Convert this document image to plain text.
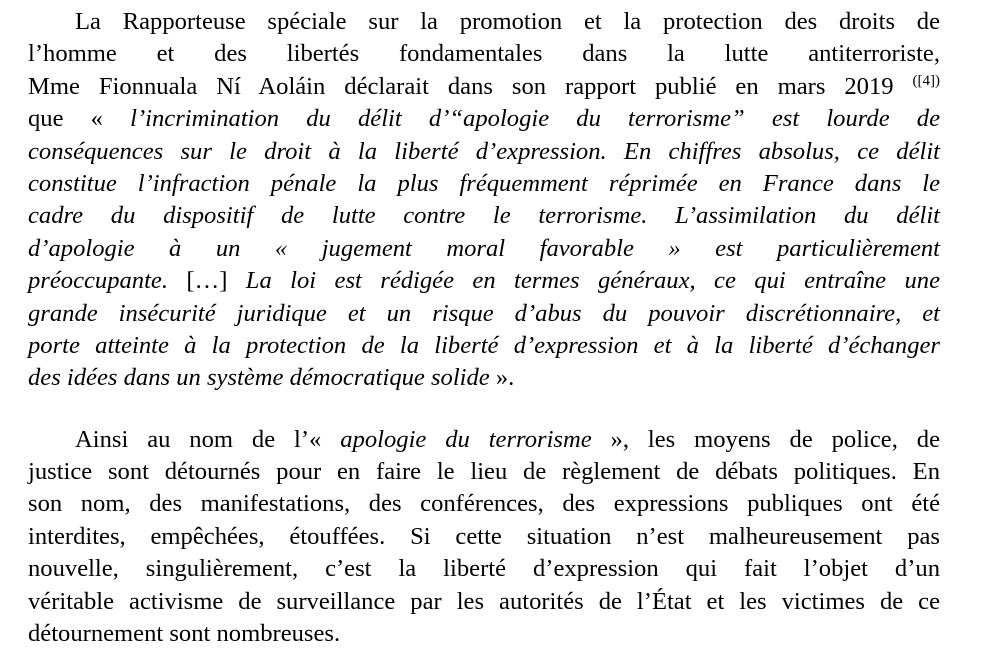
La Rapporteuse spéciale sur la promotion et la protection des droits de
l’homme et des libertés fondamentales dans la lutte antiterroriste,
Mme Fionnuala Ní Aoláin déclarait dans son rapport publié en mars 2019 $^{([4])}$
que « l’incrimination du délit d’“apologie du terrorisme” est lourde de
conséquences sur le droit à la liberté d’expression. En chiffres absolus, ce délit
constitue l’infraction pénale la plus fréquemment réprimée en France dans le
cadre du dispositif de lutte contre le terrorisme. L’assimilation du délit
d’apologie à un « jugement moral favorable » est particulièrement
préoccupante. […] La loi est rédigée en termes généraux, ce qui entraîne une
grande insécurité juridique et un risque d’abus du pouvoir discrétionnaire, et
porte atteinte à la protection de la liberté d’expression et à la liberté d’échanger
des idées dans un système démocratique solide ».
Ainsi au nom de l’« apologie du terrorisme », les moyens de police, de
justice sont détournés pour en faire le lieu de règlement de débats politiques. En
son nom, des manifestations, des conférences, des expressions publiques ont été
interdites, empêchées, étouffées. Si cette situation n’est malheureusement pas
nouvelle, singulièrement, c’est la liberté d’expression qui fait l’objet d’un
véritable activisme de surveillance par les autorités de l’État et les victimes de ce
détournement sont nombreuses.
